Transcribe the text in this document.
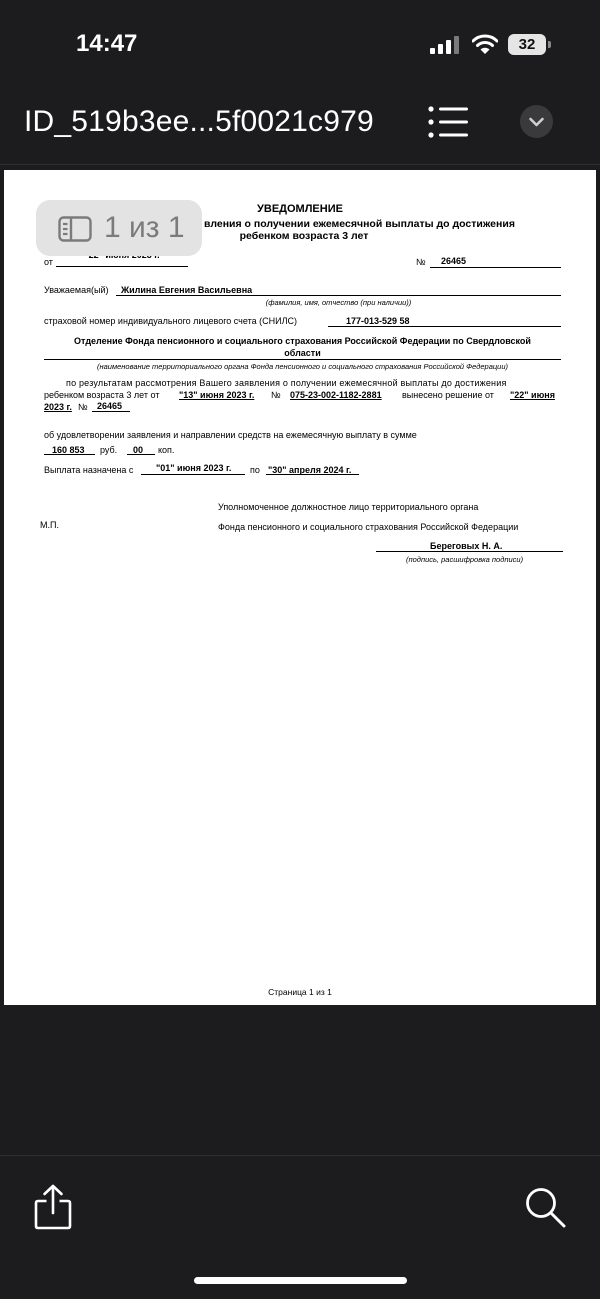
14:47	32
ID_519b3ee...5f0021c979
УВЕДОМЛЕНИЕ
вления о получении ежемесячной выплаты до достижения
ребенком возраста 3 лет
от	№ 26465
Уважаемая(ый) Жилина Евгения Васильевна
(фамилия, имя, отчество (при наличии))
страховой номер индивидуального лицевого счета (СНИЛС)	177-013-529 58
Отделение Фонда пенсионного и социального страхования Российской Федерации по Свердловской
области
(наименование территориального органа Фонда пенсионного и социального страхования Российской Федерации)
по результатам рассмотрения Вашего заявления о получении ежемесячной выплаты до достижения
ребенком возраста 3 лет от "13" июня 2023 г. № 075-23-002-1182-2881 вынесено решение от "22" июня
2023 г. № 26465
об удовлетворении заявления и направлении средств на ежемесячную выплату в сумме
160 853 руб. 00 коп.
Выплата назначена с	"01" июня 2023 г. по "30" апреля 2024 г.
Уполномоченное должностное лицо территориального органа
М.П.	Фонда пенсионного и социального страхования Российской Федерации
Береговых Н. А.
(подпись, расшифровка подписи)
Страница 1 из 1
1 из 1
